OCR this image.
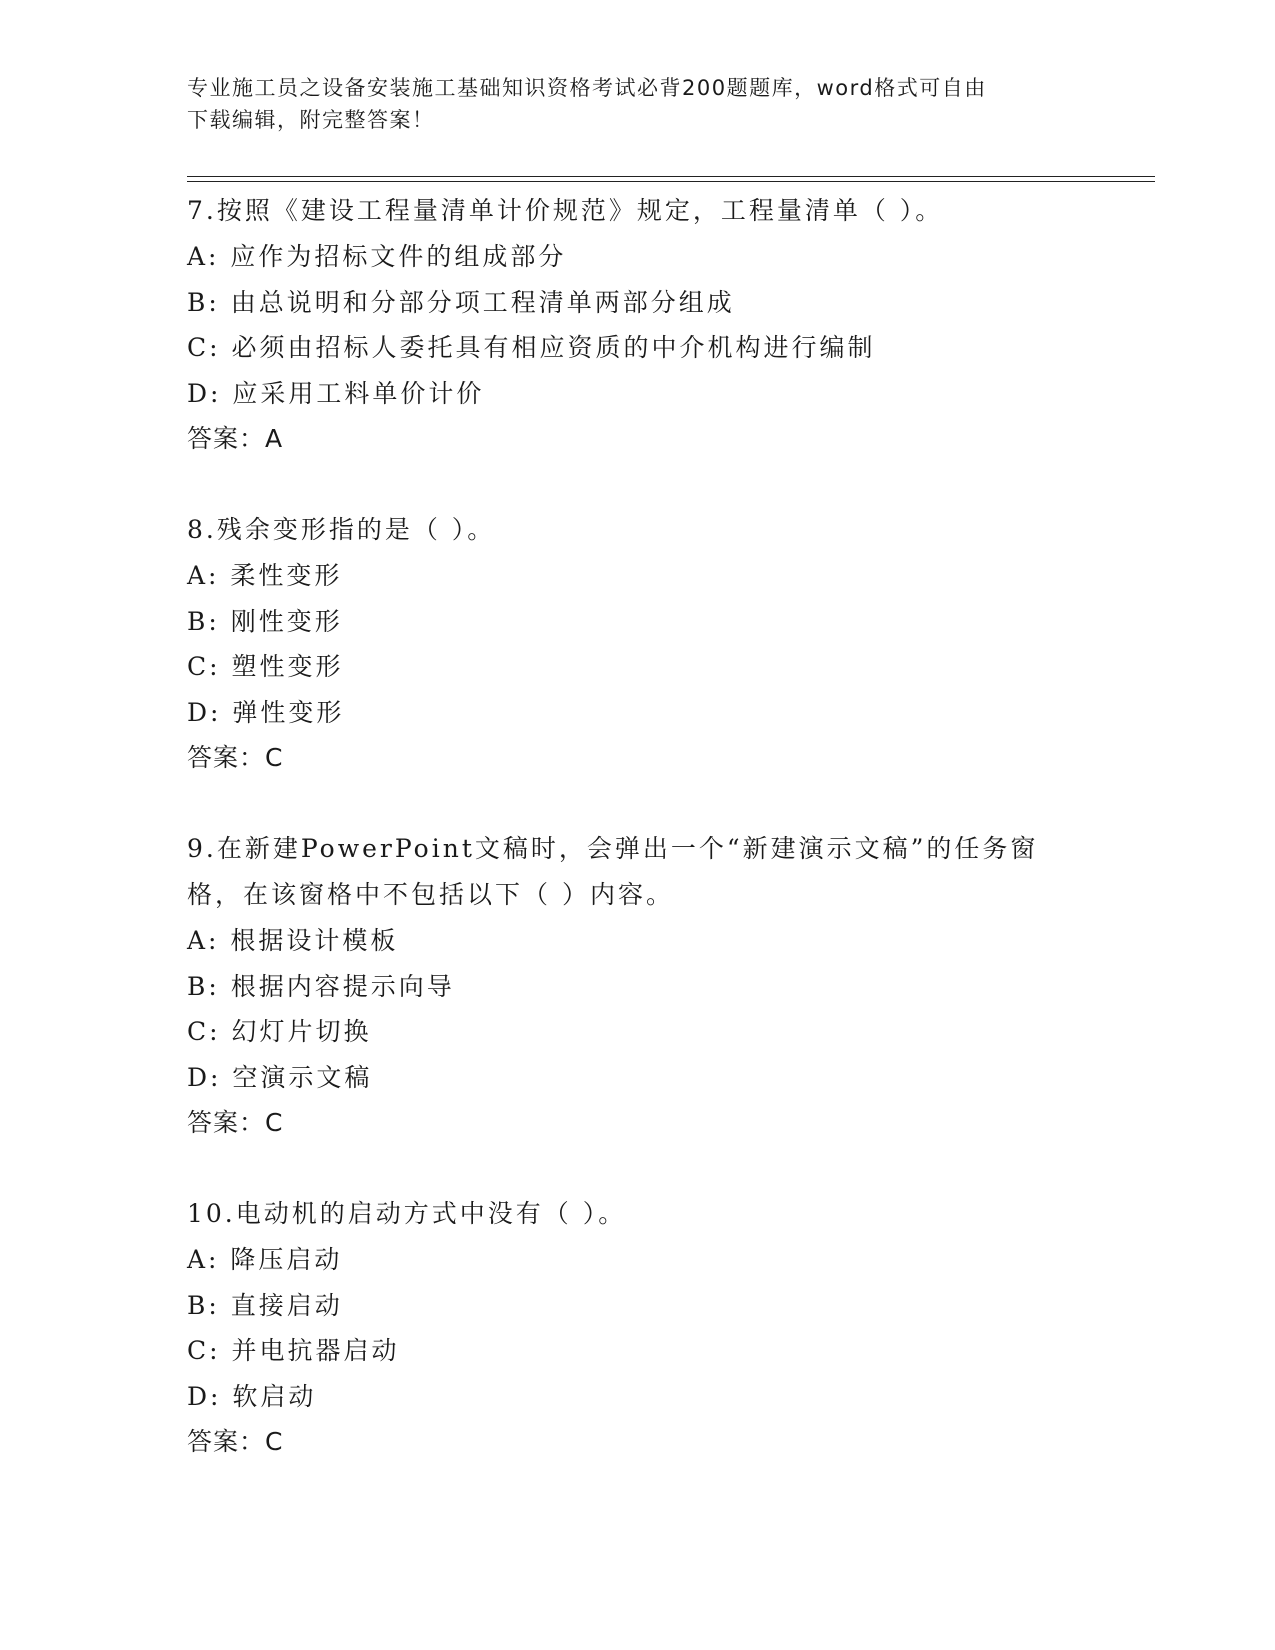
专业施工员之设备安装施工基础知识资格考试必背200题题库，word格式可自由
下载编辑，附完整答案！
7.按照《建设工程量清单计价规范》规定，工程量清单（ ）。
A: 应作为招标文件的组成部分
B: 由总说明和分部分项工程清单两部分组成
C: 必须由招标人委托具有相应资质的中介机构进行编制
D: 应采用工料单价计价
答案：A
8.残余变形指的是（ ）。
A: 柔性变形
B: 刚性变形
C: 塑性变形
D: 弹性变形
答案：C
9.在新建PowerPoint文稿时，会弹出一个“新建演示文稿”的任务窗
格，在该窗格中不包括以下（ ）内容。
A: 根据设计模板
B: 根据内容提示向导
C: 幻灯片切换
D: 空演示文稿
答案：C
10.电动机的启动方式中没有（ ）。
A: 降压启动
B: 直接启动
C: 并电抗器启动
D: 软启动
答案：C
